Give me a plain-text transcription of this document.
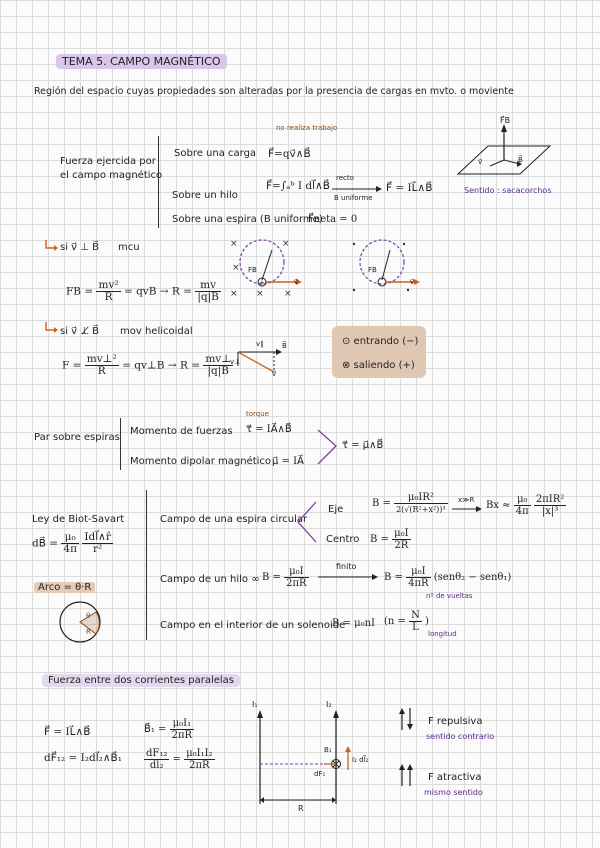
TEMA 5. CAMPO MAGNÉTICO
Región del espacio cuyas propiedades son alteradas por la presencia de cargas en mvto. o moviente
Fuerza ejercida por
el campo magnético
Sobre una carga
no realiza trabajo
F⃗=qv⃗∧B⃗
Sobre un hilo
F⃗=∫ₐᵇ I dl⃗∧B⃗
recto
B uniforme
F⃗ = IL⃗∧B⃗
Sobre una espira (B uniforme)
F⃗neta = 0
F⃗B
v⃗	B⃗
Sentido : sacacorchos
si v⃗ ⊥ B⃗ mcu
FB = $\frac{\text{mv²}}{R}$ = qvB → $R = \frac{mv}{|q|B}$
×	×
×
×	×
×
+
FB
v⃗
FB
v⃗
si v⃗ ⊥̸ B⃗ mov helicoidal
$F = \frac{\text{mv⊥²}}{R}$ = qv⊥B → $R = \frac{mv\perp}{|q|B}$
v∥
v⊥
v⃗
B⃗	⊙ entrando (−)
⊗ saliendo (+)
Par sobre espiras
Momento de fuerzas
torque
τ⃗ = IA⃗∧B⃗
Momento dipolar magnético μ⃗ = IA⃗
τ⃗ = μ⃗∧B⃗
Ley de Biot-Savart
dB⃗ = $\frac{\text{μ₀}}{4\pi}$
$\frac{\text{Idl⃗∧r̂}}{\text{r²}}$
Arco = θ·R
θ
R
Campo de una espira circular
Eje
Centro
$B = \frac{\text{μ₀IR²}}{\text{2(√(R²+x²))³}}$ x≫R $Bx \approx \frac{\text{μ₀}}{4\pi}$
$\frac{\text{2πIR²}}{\text{|x|³}}$
$B = \frac{\text{μ₀I}}{2R}$
Campo de un hilo ∞ $B = \frac{\text{μ₀I}}{2\pi R}$	finito
$B = \frac{\text{μ₀I}}{4\pi R} (sen\theta_2 - sen\theta_1)$
Campo en el interior de un solenoide
B = μ₀nI ($n = \frac{N}{L}$ )
nº de vueltas
longitud
Fuerza entre dos corrientes paralelas
F⃗ = IL⃗∧B⃗
dF⃗₁₂ = I₂dl⃗₂∧B⃗₁
B⃗₁ = $\frac{\text{μ₀I₁}}{2\pi R}$
$\frac{\text{dF₁₂}}{\text{dl₂}} = \frac{\text{μ₀I₁I₂}}{2\pi R}$
I₁	I₂
B₁
dF₁
I₂ dl⃗₂
R
F repulsiva
sentido contrario
F atractiva
mismo sentido
